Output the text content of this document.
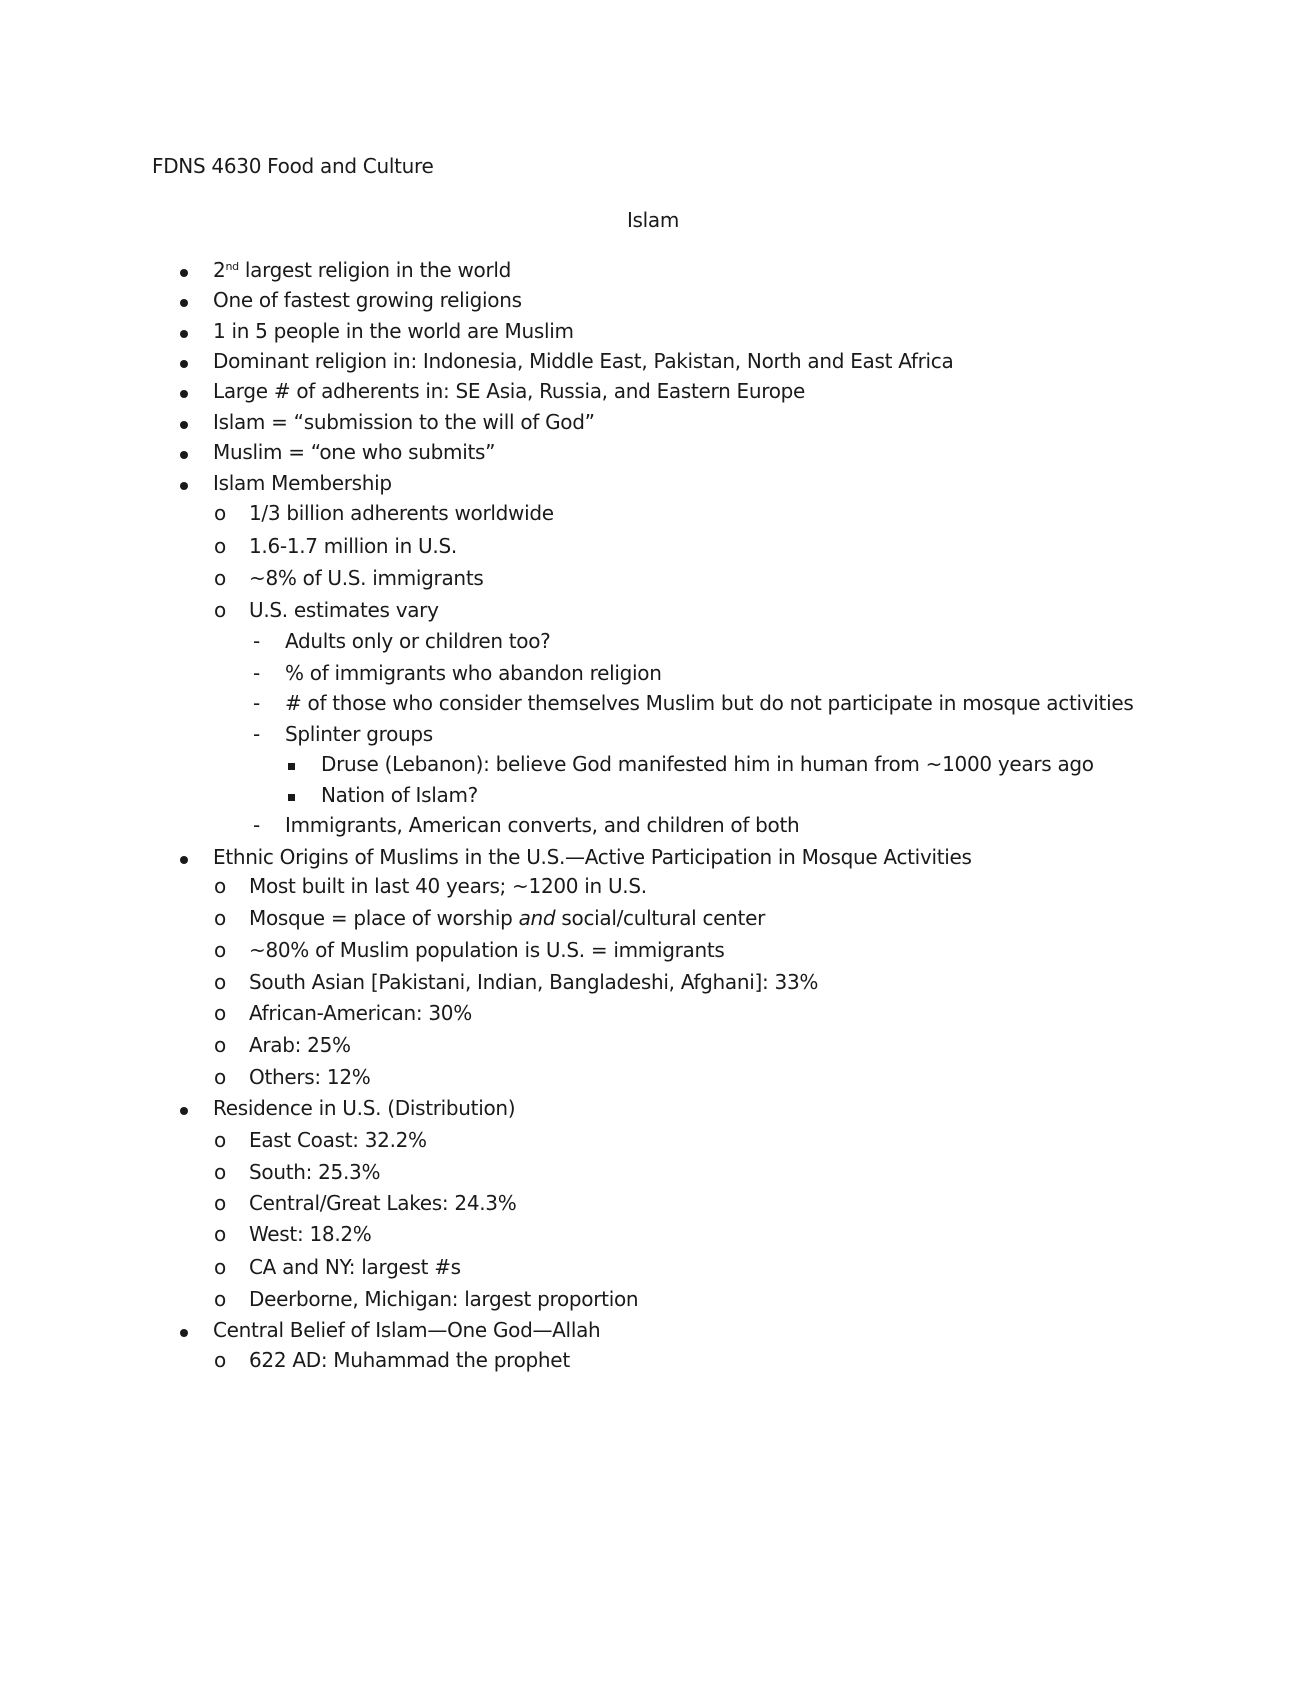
FDNS 4630 Food and Culture
Islam
2nd largest religion in the world
One of fastest growing religions
1 in 5 people in the world are Muslim
Dominant religion in: Indonesia, Middle East, Pakistan, North and East Africa
Large # of adherents in: SE Asia, Russia, and Eastern Europe
Islam = “submission to the will of God”
Muslim = “one who submits”
Islam Membership
o 1/3 billion adherents worldwide
o 1.6-1.7 million in U.S.
o ~8% of U.S. immigrants
o U.S. estimates vary
- Adults only or children too?
- % of immigrants who abandon religion
- # of those who consider themselves Muslim but do not participate in mosque activities
- Splinter groups
Druse (Lebanon): believe God manifested him in human from ~1000 years ago
Nation of Islam?
- Immigrants, American converts, and children of both
Ethnic Origins of Muslims in the U.S.—Active Participation in Mosque Activities
o Most built in last 40 years; ~1200 in U.S.
o Mosque = place of worship and social/cultural center
o ~80% of Muslim population is U.S. = immigrants
o South Asian [Pakistani, Indian, Bangladeshi, Afghani]: 33%
o African-American: 30%
o Arab: 25%
o Others: 12%
Residence in U.S. (Distribution)
o East Coast: 32.2%
o South: 25.3%
o Central/Great Lakes: 24.3%
o West: 18.2%
o CA and NY: largest #s
o Deerborne, Michigan: largest proportion
Central Belief of Islam—One God—Allah
o 622 AD: Muhammad the prophet
